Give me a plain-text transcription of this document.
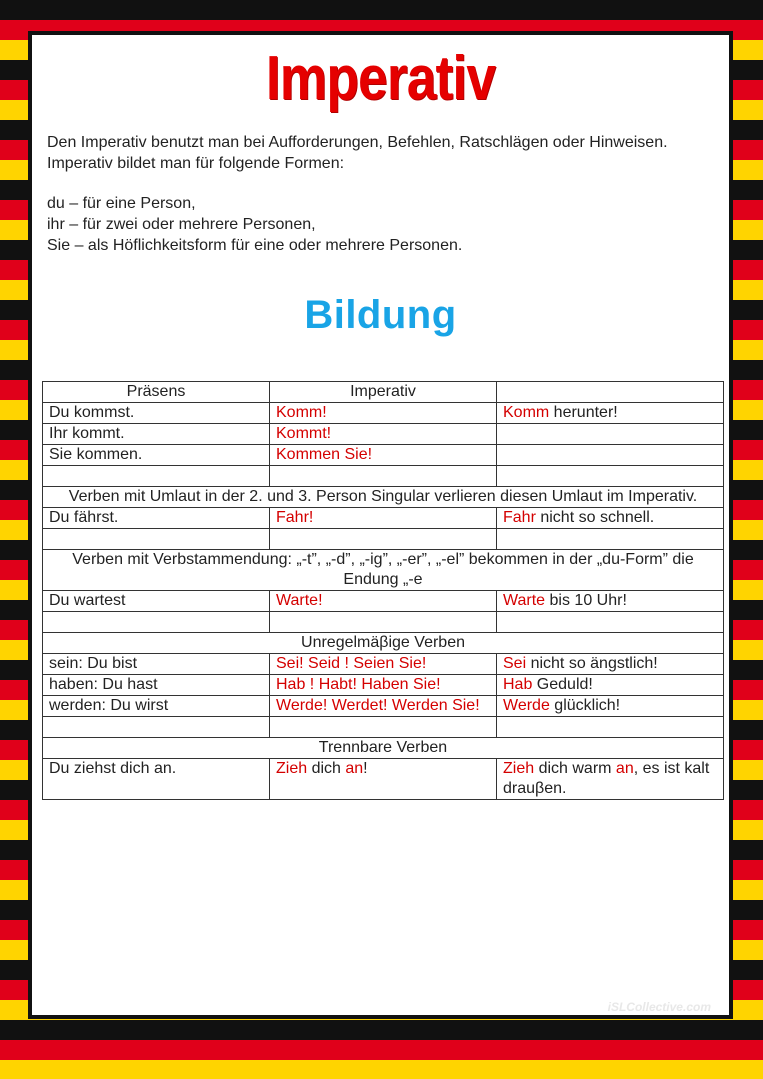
Imperativ
Den Imperativ benutzt man bei Aufforderungen, Befehlen, Ratschlägen oder Hinweisen.
Imperativ bildet man für folgende Formen:
du – für eine Person,
ihr – für zwei oder mehrere Personen,
Sie – als Höflichkeitsform für eine oder mehrere Personen.
Bildung
Präsens	Imperativ	
Du kommst.	Komm!	Komm herunter!
Ihr kommt.	Kommt!	
Sie kommen.	Kommen Sie!	

Verben mit Umlaut in der 2. und 3. Person Singular verlieren diesen Umlaut im Imperativ.		
Du fährst.	Fahr!	Fahr nicht so schnell.

Verben mit Verbstammendung: „-t”, „-d”, „-ig”, „-er”, „-el” bekommen in der „du-Form” die Endung „-e		
Du wartest	Warte!	Warte bis 10 Uhr!

Unregelmäβige Verben		
sein: Du bist	Sei! Seid ! Seien Sie!	Sei nicht so ängstlich!
haben: Du hast	Hab ! Habt! Haben Sie!	Hab Geduld!
werden: Du wirst	Werde! Werdet! Werden Sie!	Werde glücklich!

Trennbare Verben		
Du ziehst dich an.	Zieh dich an!	Zieh dich warm an, es ist kalt drauβen.
iSLCollective.com
